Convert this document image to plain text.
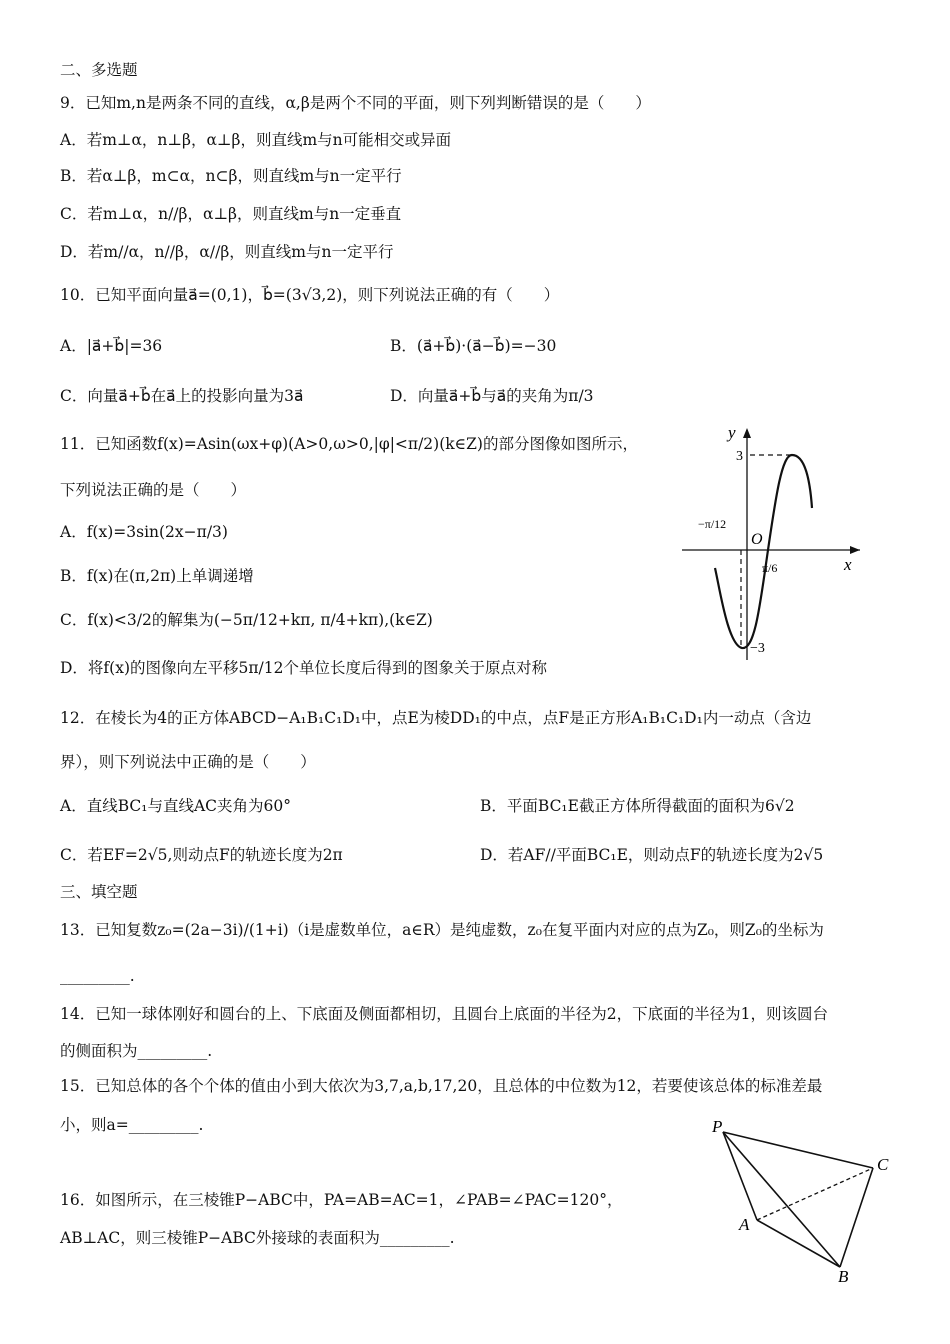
二、多选题
9．已知m,n是两条不同的直线，α,β是两个不同的平面，则下列判断错误的是（　　）
A．若m⊥α，n⊥β，α⊥β，则直线m与n可能相交或异面
B．若α⊥β，m⊂α，n⊂β，则直线m与n一定平行
C．若m⊥α，n//β，α⊥β，则直线m与n一定垂直
D．若m//α，n//β，α//β，则直线m与n一定平行
10．已知平面向量a⃗=(0,1)，b⃗=(3√3,2)，则下列说法正确的有（　　）
A．|a⃗+b⃗|=36	B．(a⃗+b⃗)·(a⃗−b⃗)=−30
C．向量a⃗+b⃗在a⃗上的投影向量为3a⃗	D．向量a⃗+b⃗与a⃗的夹角为π/3
11．已知函数f(x)=Asin(ωx+φ)(A>0,ω>0,|φ|<π/2)(k∈Z)的部分图像如图所示，
下列说法正确的是（　　）
A．f(x)=3sin(2x−π/3)
B．f(x)在(π,2π)上单调递增
C．f(x)<3/2的解集为(−5π/12+kπ, π/4+kπ),(k∈Z)
D．将f(x)的图像向左平移5π/12个单位长度后得到的图象关于原点对称
y
x
O
3
−3
−π/12
π/6
12．在棱长为4的正方体ABCD−A₁B₁C₁D₁中，点E为棱DD₁的中点，点F是正方形A₁B₁C₁D₁内一动点（含边
界），则下列说法中正确的是（　　）
A．直线BC₁与直线AC夹角为60°	B．平面BC₁E截正方体所得截面的面积为6√2
C．若EF=2√5,则动点F的轨迹长度为2π	D．若AF//平面BC₁E，则动点F的轨迹长度为2√5
三、填空题
13．已知复数z₀=(2a−3i)/(1+i)（i是虚数单位，a∈R）是纯虚数，z₀在复平面内对应的点为Z₀，则Z₀的坐标为
_________.
14．已知一球体刚好和圆台的上、下底面及侧面都相切，且圆台上底面的半径为2，下底面的半径为1，则该圆台
的侧面积为_________.
15．已知总体的各个个体的值由小到大依次为3,7,a,b,17,20，且总体的中位数为12，若要使该总体的标准差最
小，则a=_________.
16．如图所示，在三棱锥P−ABC中，PA=AB=AC=1，∠PAB=∠PAC=120°，
AB⊥AC，则三棱锥P−ABC外接球的表面积为_________.
P
A
B
C
